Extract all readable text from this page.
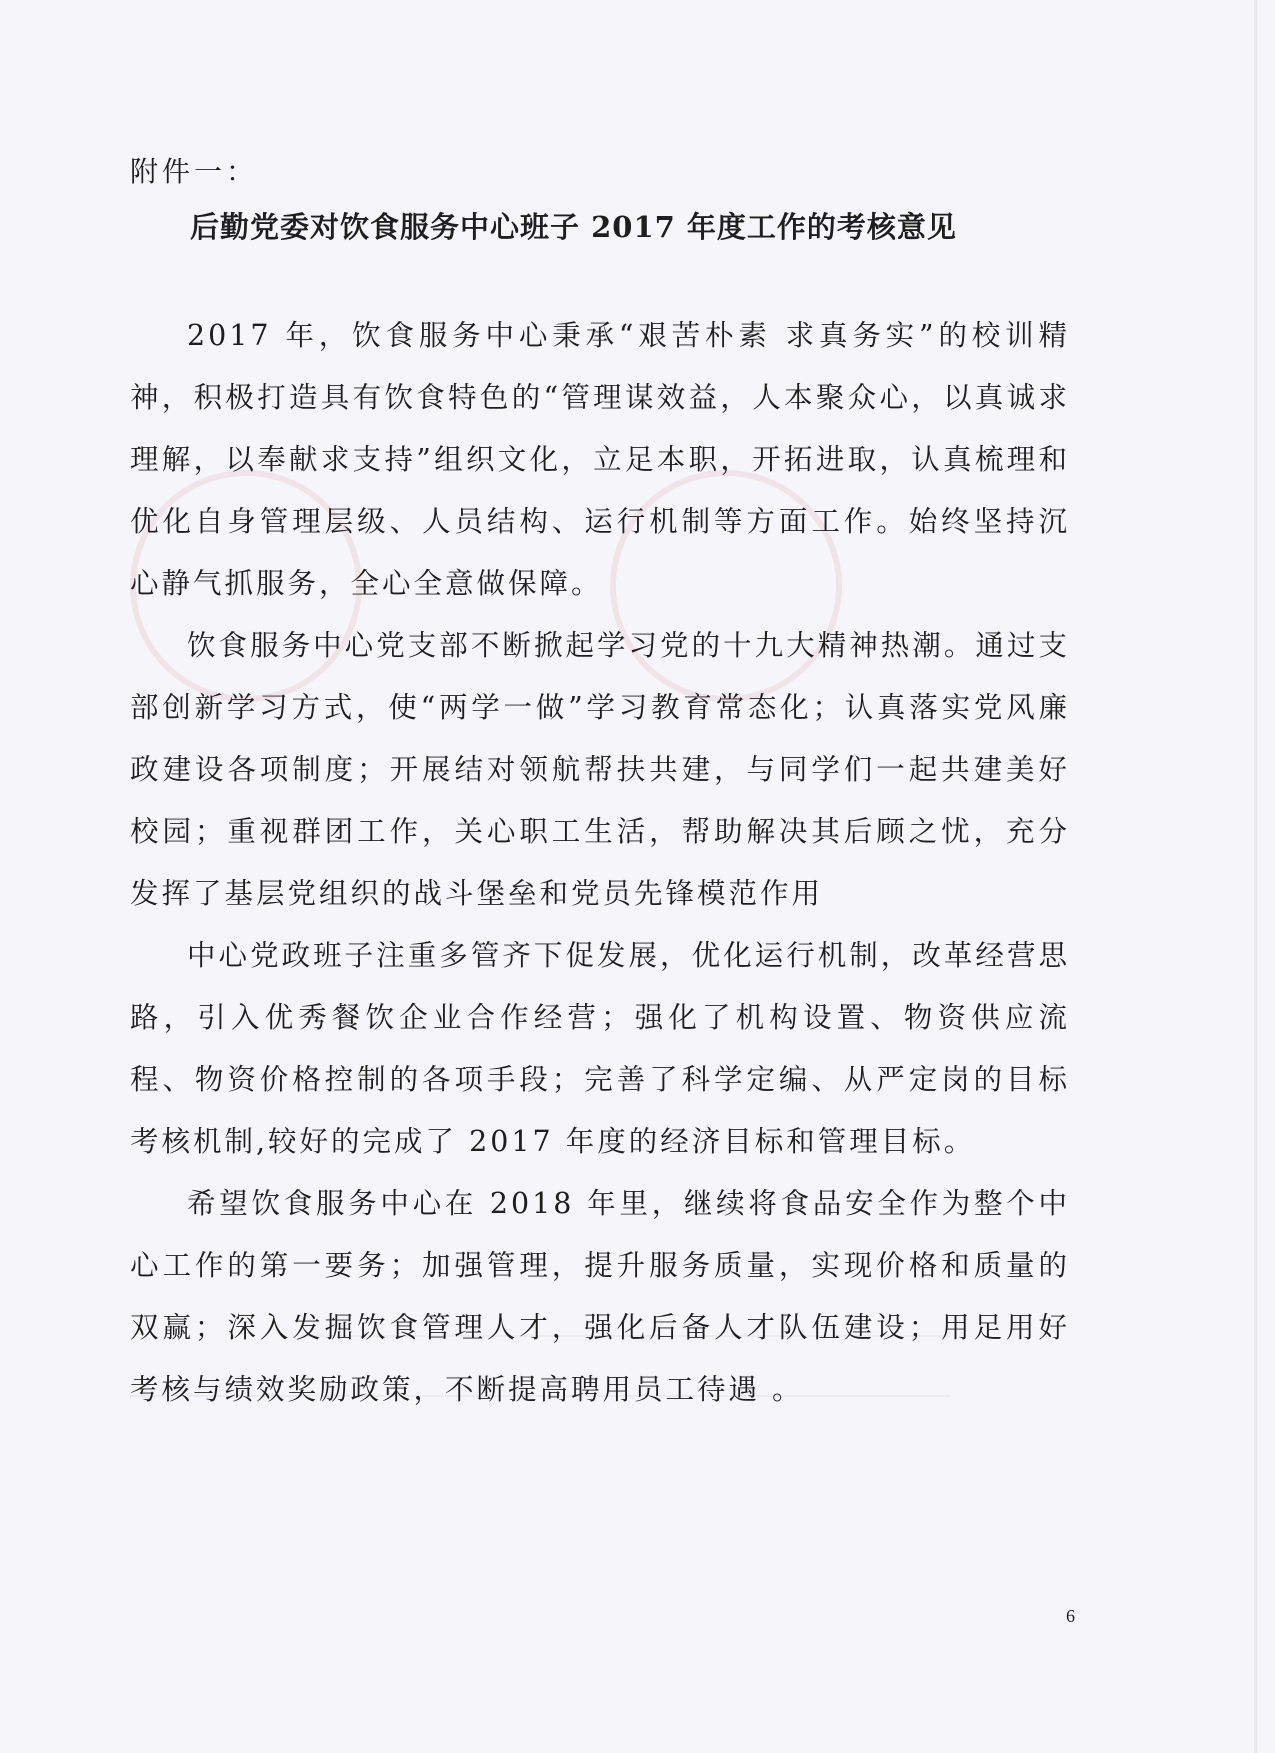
附件一：
后勤党委对饮食服务中心班子 2017 年度工作的考核意见

2017 年，饮食服务中心秉承“艰苦朴素 求真务实”的校训精神，积极打造具有饮食特色的“管理谋效益，人本聚众心，以真诚求理解，以奉献求支持”组织文化，立足本职，开拓进取，认真梳理和优化自身管理层级、人员结构、运行机制等方面工作。始终坚持沉心静气抓服务，全心全意做保障。

饮食服务中心党支部不断掀起学习党的十九大精神热潮。通过支部创新学习方式，使“两学一做”学习教育常态化；认真落实党风廉政建设各项制度；开展结对领航帮扶共建，与同学们一起共建美好校园；重视群团工作，关心职工生活，帮助解决其后顾之忧，充分发挥了基层党组织的战斗堡垒和党员先锋模范作用

中心党政班子注重多管齐下促发展，优化运行机制，改革经营思路，引入优秀餐饮企业合作经营；强化了机构设置、物资供应流程、物资价格控制的各项手段；完善了科学定编、从严定岗的目标考核机制,较好的完成了 2017 年度的经济目标和管理目标。

希望饮食服务中心在 2018 年里，继续将食品安全作为整个中心工作的第一要务；加强管理，提升服务质量，实现价格和质量的双赢；深入发掘饮食管理人才，强化后备人才队伍建设；用足用好考核与绩效奖励政策，不断提高聘用员工待遇 。

6
